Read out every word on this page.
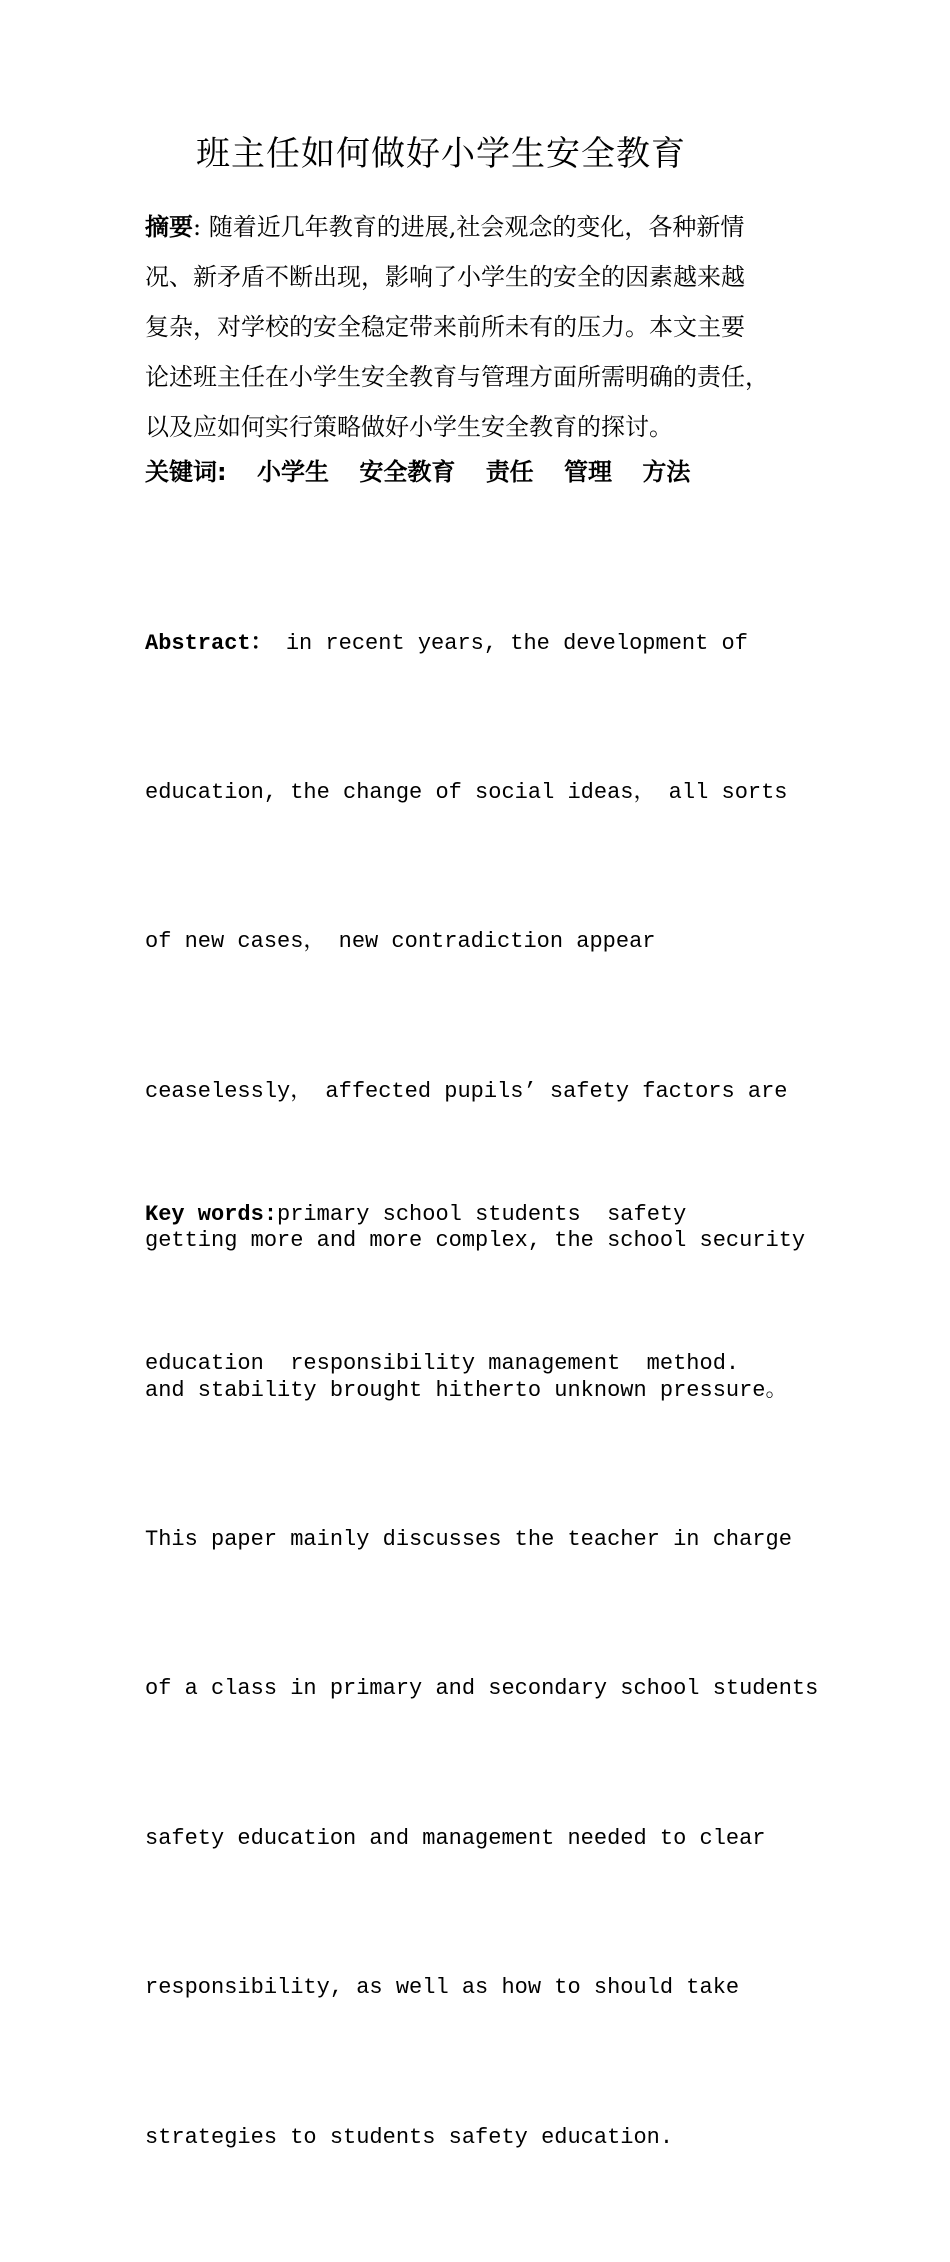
班主任如何做好小学生安全教育
摘要: 随着近几年教育的进展,社会观念的变化，各种新情
况、新矛盾不断出现，影响了小学生的安全的因素越来越
复杂，对学校的安全稳定带来前所未有的压力。本文主要
论述班主任在小学生安全教育与管理方面所需明确的责任，
以及应如何实行策略做好小学生安全教育的探讨。
关键词: 小学生 安全教育 责任 管理 方法

Abstract： in recent years, the development of

education, the change of social ideas， all sorts

of new cases， new contradiction appear

ceaselessly， affected pupils’ safety factors are

getting more and more complex, the school security

and stability brought hitherto unknown pressure。

This paper mainly discusses the teacher in charge

of a class in primary and secondary school students

safety education and management needed to clear

responsibility, as well as how to should take

strategies to students safety education.

Key words:primary school students  safety

education  responsibility management  method.
